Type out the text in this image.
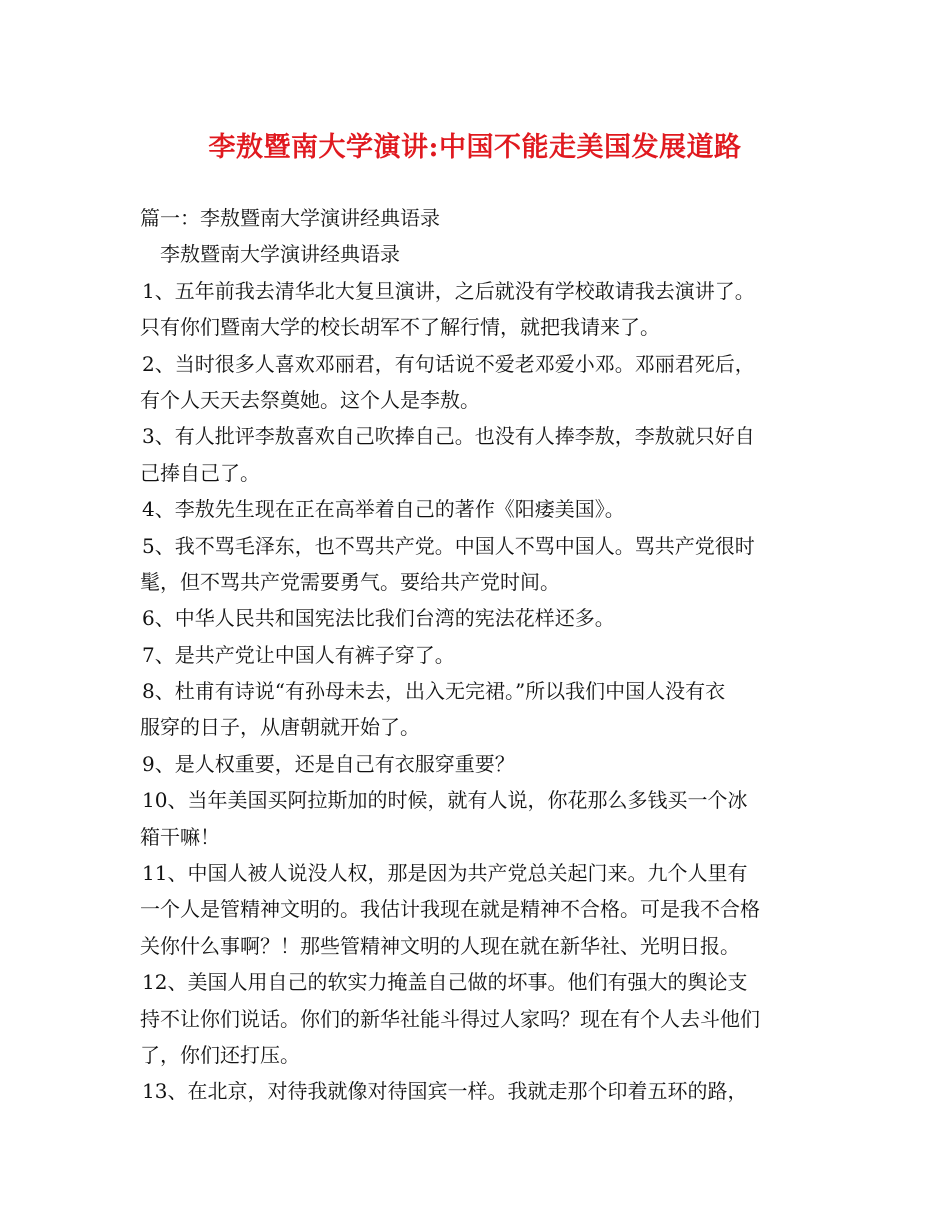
李敖暨南大学演讲:中国不能走美国发展道路
篇一：李敖暨南大学演讲经典语录
李敖暨南大学演讲经典语录
1、五年前我去清华北大复旦演讲，之后就没有学校敢请我去演讲了。
只有你们暨南大学的校长胡军不了解行情，就把我请来了。
2、当时很多人喜欢邓丽君，有句话说不爱老邓爱小邓。邓丽君死后，
有个人天天去祭奠她。这个人是李敖。
3、有人批评李敖喜欢自己吹捧自己。也没有人捧李敖，李敖就只好自
己捧自己了。
4、李敖先生现在正在高举着自己的著作《阳痿美国》。
5、我不骂毛泽东，也不骂共产党。中国人不骂中国人。骂共产党很时
髦，但不骂共产党需要勇气。要给共产党时间。
6、中华人民共和国宪法比我们台湾的宪法花样还多。
7、是共产党让中国人有裤子穿了。
8、杜甫有诗说“有孙母未去，出入无完裙。”所以我们中国人没有衣
服穿的日子，从唐朝就开始了。
9、是人权重要，还是自己有衣服穿重要？
10、当年美国买阿拉斯加的时候，就有人说，你花那么多钱买一个冰
箱干嘛！
11、中国人被人说没人权，那是因为共产党总关起门来。九个人里有
一个人是管精神文明的。我估计我现在就是精神不合格。可是我不合格
关你什么事啊？！那些管精神文明的人现在就在新华社、光明日报。
12、美国人用自己的软实力掩盖自己做的坏事。他们有强大的舆论支
持不让你们说话。你们的新华社能斗得过人家吗？现在有个人去斗他们
了，你们还打压。
13、在北京，对待我就像对待国宾一样。我就走那个印着五环的路，
